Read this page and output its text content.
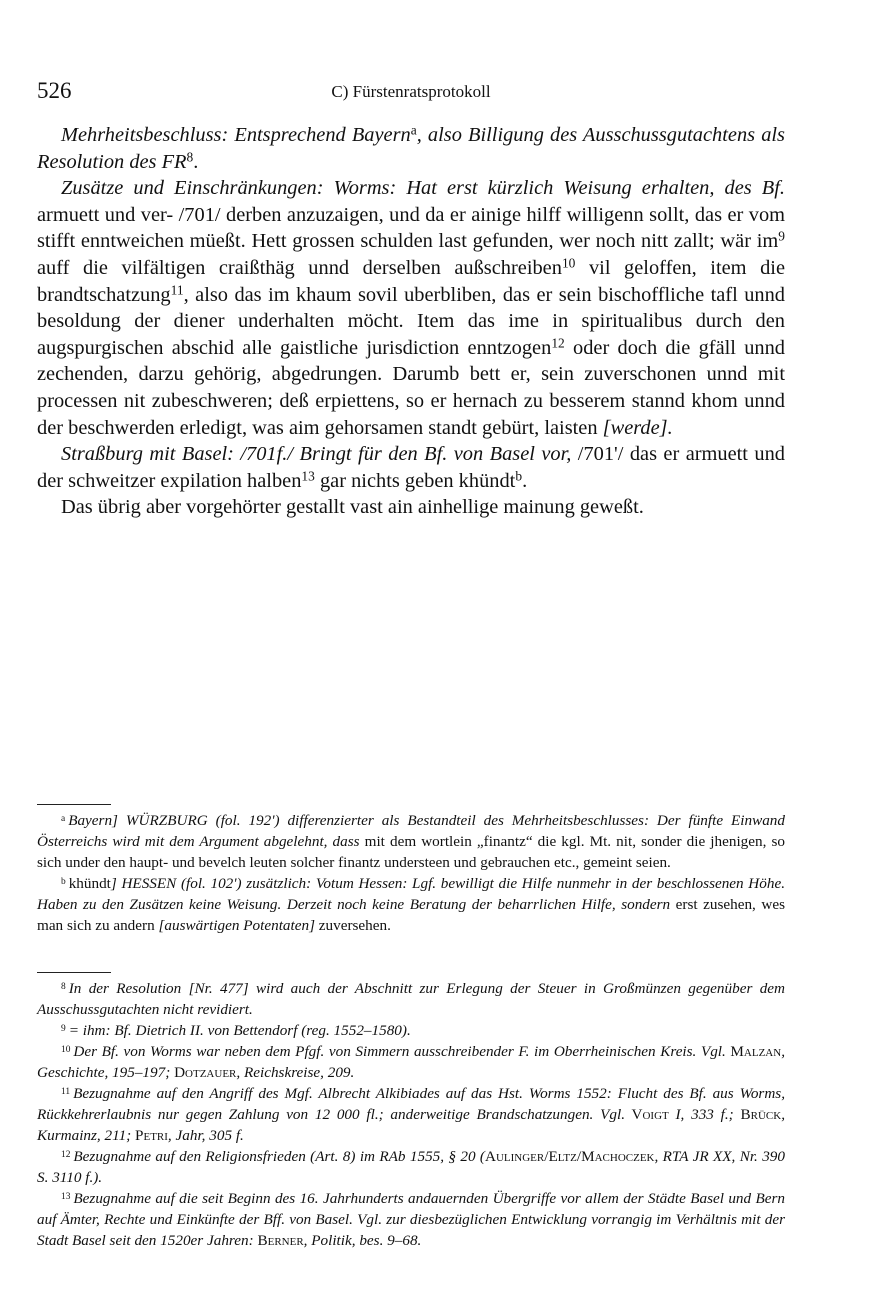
526	C) Fürstenratsprotokoll

Mehrheitsbeschluss: Entsprechend Bayern$^a$, also Billigung des Ausschussgutachtens als Resolution des $FR^8$.

Zusätze und Einschränkungen: Worms: Hat erst kürzlich Weisung erhalten, des Bf. armuett und ver- /701/ derben anzuzaigen, und da er ainige hilff willigenn sollt, das er vom stifft enntweichen müeßt. Hett grossen schulden last gefunden, wer noch nitt zallt; wär $im^9$ auff die vilfältigen craißthäg unnd derselben außschreiben$^{10}$ vil geloffen, item die brandtschatzung$^{11}$, also das im khaum sovil uberbliben, das er sein bischoffliche tafl unnd besoldung der diener underhalten möcht. Item das ime in spiritualibus durch den augspurgischen abschid alle gaistliche jurisdiction enntzogen$^{12}$ oder doch die gfäll unnd zechenden, darzu gehörig, abgedrungen. Darumb bett er, sein zuverschonen unnd mit processen nit zubeschweren; deß erpiettens, so er hernach zu besserem stannd khom unnd der beschwerden erledigt, was aim gehorsamen standt gebürt, laisten [werde].

Straßburg mit Basel: /701f./ Bringt für den Bf. von Basel vor, /701'/ das er armuett und der schweitzer expilation halben$^{13}$ gar nichts geben khündt$^b$.

Das übrig aber vorgehörter gestallt vast ain ainhellige mainung geweßt.

$^a$ Bayern] WÜRZBURG (fol. 192') differenzierter als Bestandteil des Mehrheitsbeschlusses: Der fünfte Einwand Österreichs wird mit dem Argument abgelehnt, dass mit dem wortlein „finantz“ die kgl. Mt. nit, sonder die jhenigen, so sich under den haupt- und bevelch leuten solcher finantz understeen und gebrauchen etc., gemeint seien.

$^b$ khündt] HESSEN (fol. 102') zusätzlich: Votum Hessen: Lgf. bewilligt die Hilfe nunmehr in der beschlossenen Höhe. Haben zu den Zusätzen keine Weisung. Derzeit noch keine Beratung der beharrlichen Hilfe, sondern erst zusehen, wes man sich zu andern [auswärtigen Potentaten] zuversehen.

$^8$ In der Resolution [Nr. 477] wird auch der Abschnitt zur Erlegung der Steuer in Großmünzen gegenüber dem Ausschussgutachten nicht revidiert.

$^9$ = ihm: Bf. Dietrich II. von Bettendorf (reg. 1552–1580).

$^{10}$ Der Bf. von Worms war neben dem Pfgf. von Simmern ausschreibender F. im Oberrheinischen Kreis. Vgl. Malzan, Geschichte, 195–197; Dotzauer, Reichskreise, 209.

$^{11}$ Bezugnahme auf den Angriff des Mgf. Albrecht Alkibiades auf das Hst. Worms 1552: Flucht des Bf. aus Worms, Rückkehrerlaubnis nur gegen Zahlung von 12 000 fl.; anderweitige Brandschatzungen. Vgl. Voigt I, 333 f.; Brück, Kurmainz, 211; Petri, Jahr, 305 f.

$^{12}$ Bezugnahme auf den Religionsfrieden (Art. 8) im RAb 1555, § 20 (Aulinger/Eltz/Machoczek, RTA JR XX, Nr. 390 S. 3110 f.).

$^{13}$ Bezugnahme auf die seit Beginn des 16. Jahrhunderts andauernden Übergriffe vor allem der Städte Basel und Bern auf Ämter, Rechte und Einkünfte der Bff. von Basel. Vgl. zur diesbezüglichen Entwicklung vorrangig im Verhältnis mit der Stadt Basel seit den 1520er Jahren: Berner, Politik, bes. 9–68.
